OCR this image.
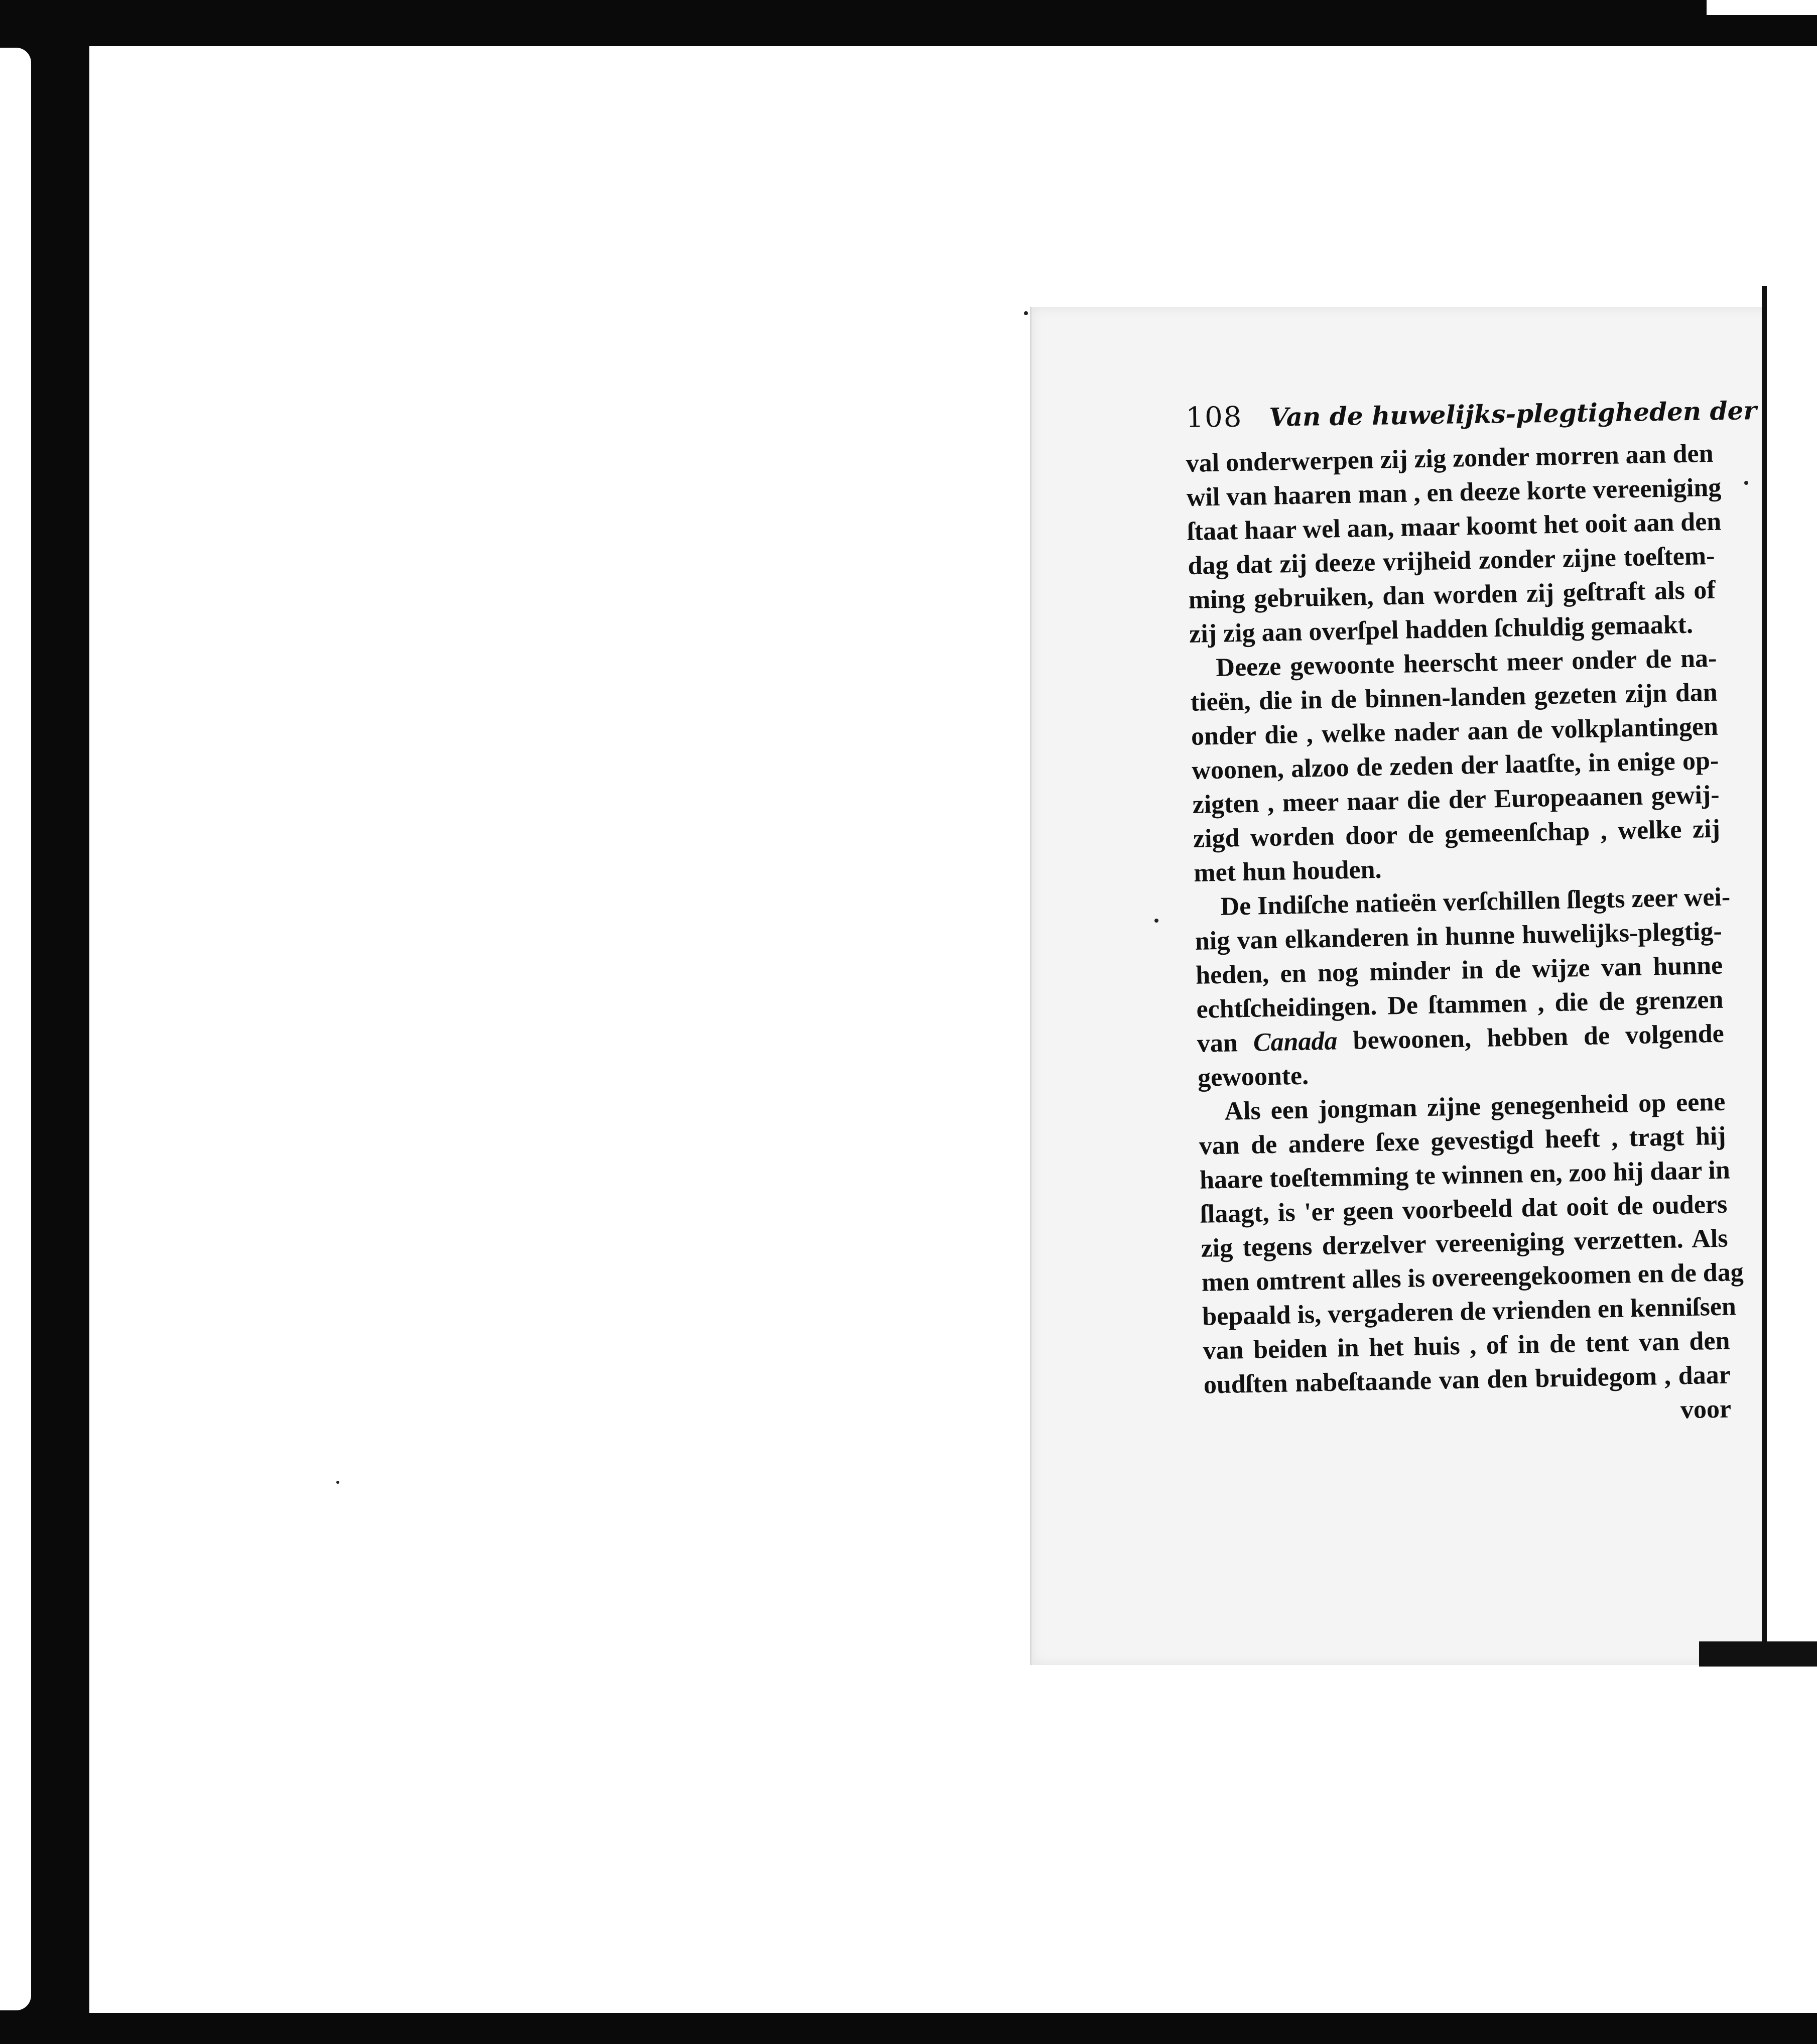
108 Van de huwelijks-plegtigheden der
val onderwerpen zij zig zonder morren aan den
wil van haaren man , en deeze korte vereeniging
ſtaat haar wel aan, maar koomt het ooit aan den
dag dat zij deeze vrijheid zonder zijne toeſtem-
ming gebruiken, dan worden zij geſtraft als of
zij zig aan overſpel hadden ſchuldig gemaakt.
Deeze gewoonte heerscht meer onder de na-
tieën, die in de binnen-landen gezeten zijn dan
onder die , welke nader aan de volkplantingen
woonen, alzoo de zeden der laatſte, in enige op-
zigten , meer naar die der Europeaanen gewij-
zigd worden door de gemeenſchap , welke zij
met hun houden.
De Indiſche natieën verſchillen ſlegts zeer wei-
nig van elkanderen in hunne huwelijks-plegtig-
heden, en nog minder in de wijze van hunne
echtſcheidingen. De ſtammen , die de grenzen
van Canada bewoonen, hebben de volgende
gewoonte.
Als een jongman zijne genegenheid op eene
van de andere ſexe gevestigd heeft , tragt hij
haare toeſtemming te winnen en, zoo hij daar in
ſlaagt, is 'er geen voorbeeld dat ooit de ouders
zig tegens derzelver vereeniging verzetten. Als
men omtrent alles is overeengekoomen en de dag
bepaald is, vergaderen de vrienden en kenniſsen
van beiden in het huis , of in de tent van den
oudſten nabeſtaande van den bruidegom , daar
voor
